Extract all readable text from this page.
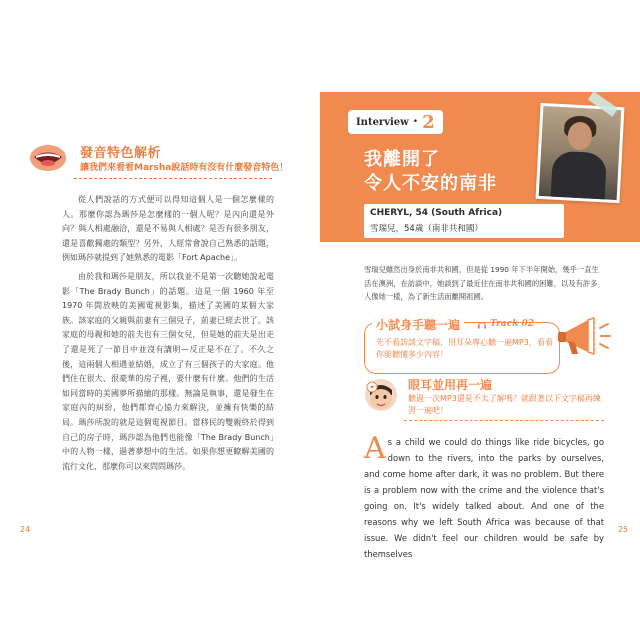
發音特色解析
讓我們來看看Marsha說話時有沒有什麼發音特色！

從人們說話的方式便可以得知這個人是一個怎麼樣的人。那麼你認為瑪莎是怎麼樣的一個人呢？是內向還是外向？與人相處融洽，還是不易與人相處？是否有很多朋友，還是喜歡獨處的類型？另外，人經常會說自己熟悉的話題，例如瑪莎就提到了她熟悉的電影「Fort Apache」。

由於我和瑪莎是朋友，所以我並不是第一次聽她說起電影「The Brady Bunch」的話題。這是一個 1960 年至 1970 年間放映的美國電視影集，描述了美國的某個大家族。該家庭的父親與前妻有三個兒子，前妻已經去世了。該家庭的母親和她的前夫也有三個女兒，但是她的前夫是出走了還是死了一節目中並沒有講明—反正是不在了。不久之後，這兩個人相遇並結婚，成立了有三個孩子的大家庭。他們住在很大、很豪華的房子裡，要什麼有什麼。他們的生活如同當時的美國夢所描繪的那樣。無論是執事，還是發生在家庭內的糾紛，他們都齊心協力來解決，並擁有快樂的結局。瑪莎所說的就是這個電視節目。當移民的雙親終於得到自己的房子時，瑪莎認為他們也能像「The Brady Bunch」中的人物一樣，過著夢想中的生活。如果你想更瞭解美國的流行文化，那麼你可以來問問瑪莎。

24
Interview • 2
我離開了
令人不安的南非
CHERYL, 54 (South Africa)
雪瑞兒，54歲（南非共和國）
雪瑞兒雖然出身於南非共和國，但是從 1990 年下半年開始，幾乎一直生活在澳洲，在訪談中，她談到了最近住在南非共和國的困難，以及有許多人像她一樣，為了新生活而離開祖國。
小試身手聽一遍	Track 02
先不看訪談文字稿，用耳朵專心聽一遍MP3，看看你能聽懂多少內容！
眼耳並用再一遍
聽過一次MP3還是不太了解嗎？就跟著以下文字稿再練習一遍吧！
As a child we could do things like ride bicycles, go down to the rivers, into the parks by ourselves, and come home after dark, it was no problem. But there is a problem now with the crime and the violence that's going on. It's widely talked about. And one of the reasons why we left South Africa was because of that issue. We didn't feel our children would be safe by themselves
25
